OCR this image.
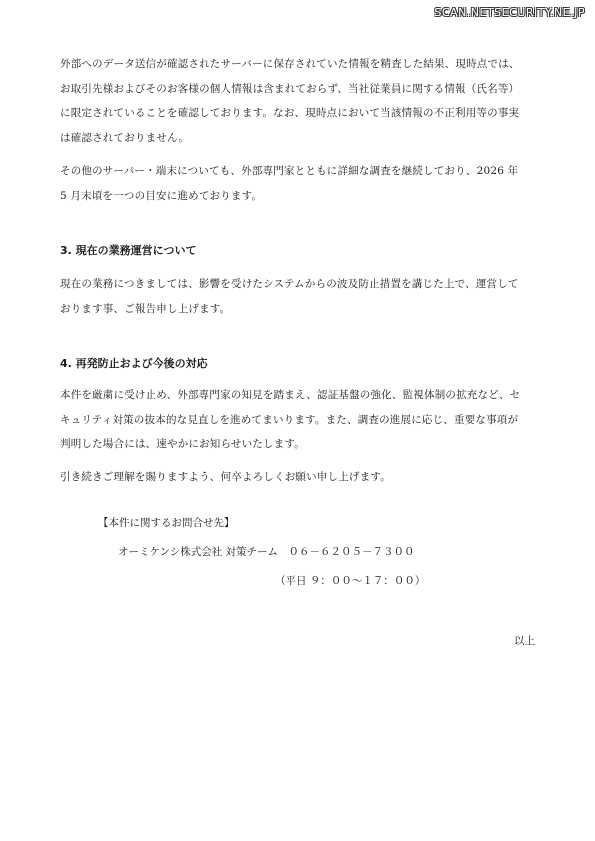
SCAN.NETSECURITY.NE.JP

外部へのデータ送信が確認されたサーバーに保存されていた情報を精査した結果、現時点では、
お取引先様およびそのお客様の個人情報は含まれておらず、当社従業員に関する情報（氏名等）
に限定されていることを確認しております。なお、現時点において当該情報の不正利用等の事実
は確認されておりません。

その他のサーバー・端末についても、外部専門家とともに詳細な調査を継続しており、2026 年
5 月末頃を一つの目安に進めております。

3. 現在の業務運営について

現在の業務につきましては、影響を受けたシステムからの波及防止措置を講じた上で、運営して
おります事、ご報告申し上げます。

4. 再発防止および今後の対応

本件を厳粛に受け止め、外部専門家の知見を踏まえ、認証基盤の強化、監視体制の拡充など、セ
キュリティ対策の抜本的な見直しを進めてまいります。また、調査の進展に応じ、重要な事項が
判明した場合には、速やかにお知らせいたします。

引き続きご理解を賜りますよう、何卒よろしくお願い申し上げます。

【本件に関するお問合せ先】
オーミケンシ株式会社 対策チーム　０６－６２０５－７３００
（平日 ９：００～１７：００）
以上
